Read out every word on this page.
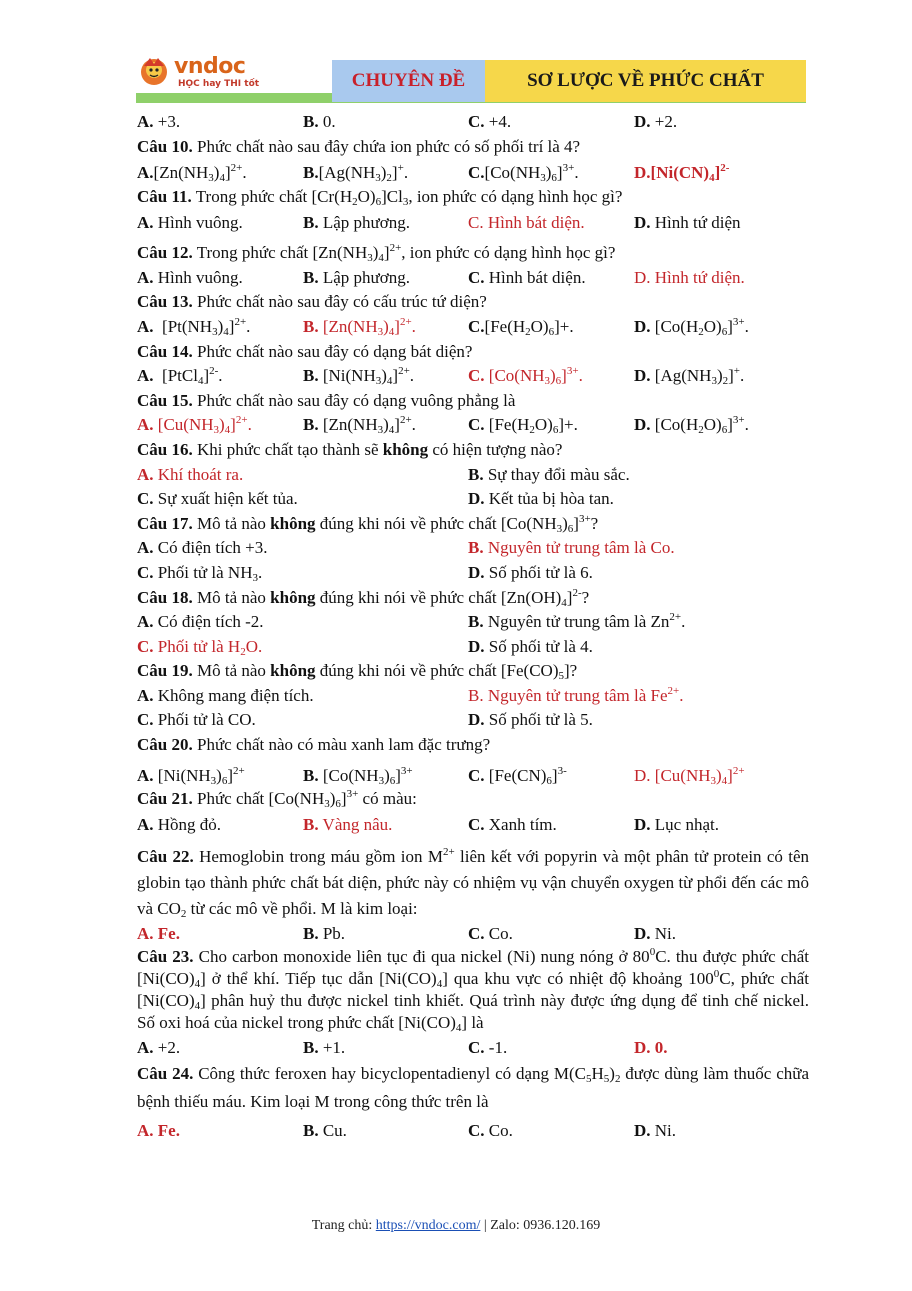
vndoc
HỌC hay THI tốt	CHUYÊN ĐỀ	SƠ LƯỢC VỀ PHỨC CHẤT
A. +3.	B. 0.	C. +4.	D. +2.
Câu 10. Phức chất nào sau đây chứa ion phức có số phối trí là 4?
$A.[Zn(NH_3)_4]^{2+}$.	$B.[Ag(NH_3)_2]^+$.	$C.[Co(NH_3)_6]^{3+}$.	$D.[Ni(CN)_4]^{2-}$
Câu 11. Trong phức chất $[Cr(H_2O)_6]Cl_3$, ion phức có dạng hình học gì?
A. Hình vuông.	B. Lập phương.	C. Hình bát diện.	D. Hình tứ diện
Câu 12. Trong phức chất $[Zn(NH_3)_4]^{2+}$, ion phức có dạng hình học gì?
A. Hình vuông.	B. Lập phương.	C. Hình bát diện.	D. Hình tứ diện.
Câu 13. Phức chất nào sau đây có cấu trúc tứ diện?
A.  $[Pt(NH_3)_4]^{2+}$.	B. $[Zn(NH_3)_4]^{2+}$.	$C.[Fe(H_2O)_6]+$.	D. $[Co(H_2O)_6]^{3+}$.
Câu 14. Phức chất nào sau đây có dạng bát diện?
A.  [PtCl$_4$]$^{2-}$.	B. $[Ni(NH_3)_4]^{2+}$.	C. $[Co(NH_3)_6]^{3+}$.	D. $[Ag(NH_3)_2]^+$.
Câu 15. Phức chất nào sau đây có dạng vuông phẳng là
A. $[Cu(NH_3)_4]^{2+}$.	B. $[Zn(NH_3)_4]^{2+}$.	C. $[Fe(H_2O)_6]+$.	D. $[Co(H_2O)_6]^{3+}$.
Câu 16. Khi phức chất tạo thành sẽ không có hiện tượng nào?
A. Khí thoát ra.	B. Sự thay đổi màu sắc.
C. Sự xuất hiện kết tủa.	D. Kết tủa bị hòa tan.
Câu 17. Mô tả nào không đúng khi nói về phức chất $[Co(NH_3)_6]^{3+}$?
A. Có điện tích +3.	B. Nguyên tử trung tâm là Co.
C. Phối tử là $NH_3$.	D. Số phối tử là 6.
Câu 18. Mô tả nào không đúng khi nói về phức chất $[Zn(OH)_4]^{2-}$?
A. Có điện tích -2.	B. Nguyên tử trung tâm là $Zn^{2+}$.
C. Phối tử là $H_2O$.	D. Số phối tử là 4.
Câu 19. Mô tả nào không đúng khi nói về phức chất $[Fe(CO)_5]$?
A. Không mang điện tích.	B. Nguyên tử trung tâm là $Fe^{2+}$.
C. Phối tử là CO.	D. Số phối tử là 5.
Câu 20. Phức chất nào có màu xanh lam đặc trưng?
A. $[Ni(NH_3)_6]^{2+}$	B. $[Co(NH_3)_6]^{3+}$	C. $[Fe(CN)_6]^{3-}$	D. $[Cu(NH_3)_4]^{2+}$
Câu 21. Phức chất $[Co(NH_3)_6]^{3+}$ có màu:
A. Hồng đỏ.	B. Vàng nâu.	C. Xanh tím.	D. Lục nhạt.
Câu 22. Hemoglobin trong máu gồm ion $M^{2+}$ liên kết với popyrin và một phân tử protein có tên globin tạo thành phức chất bát diện, phức này có nhiệm vụ vận chuyển oxygen từ phổi đến các mô và $CO_2$ từ các mô về phổi. M là kim loại:
A. Fe.	B. Pb.	C. Co.	D. Ni.
Câu 23. Cho carbon monoxide liên tục đi qua nickel (Ni) nung nóng ở $80^0C$. thu được phức chất $[Ni(CO)_4]$ ở thể khí. Tiếp tục dẫn $[Ni(CO)_4]$ qua khu vực có nhiệt độ khoảng $100^0C$, phức chất $[Ni(CO)_4]$ phân huỷ thu được nickel tinh khiết. Quá trình này được ứng dụng để tinh chế nickel. Số oxi hoá của nickel trong phức chất $[Ni(CO)_4]$ là
A. +2.	B. +1.	C. -1.	D. 0.
Câu 24. Công thức feroxen hay bicyclopentadienyl có dạng $M(C_5H_5)_2$ được dùng làm thuốc chữa bệnh thiếu máu. Kim loại M trong công thức trên là
A. Fe.	B. Cu.	C. Co.	D. Ni.
Trang chủ: https://vndoc.com/ | Zalo: 0936.120.169
